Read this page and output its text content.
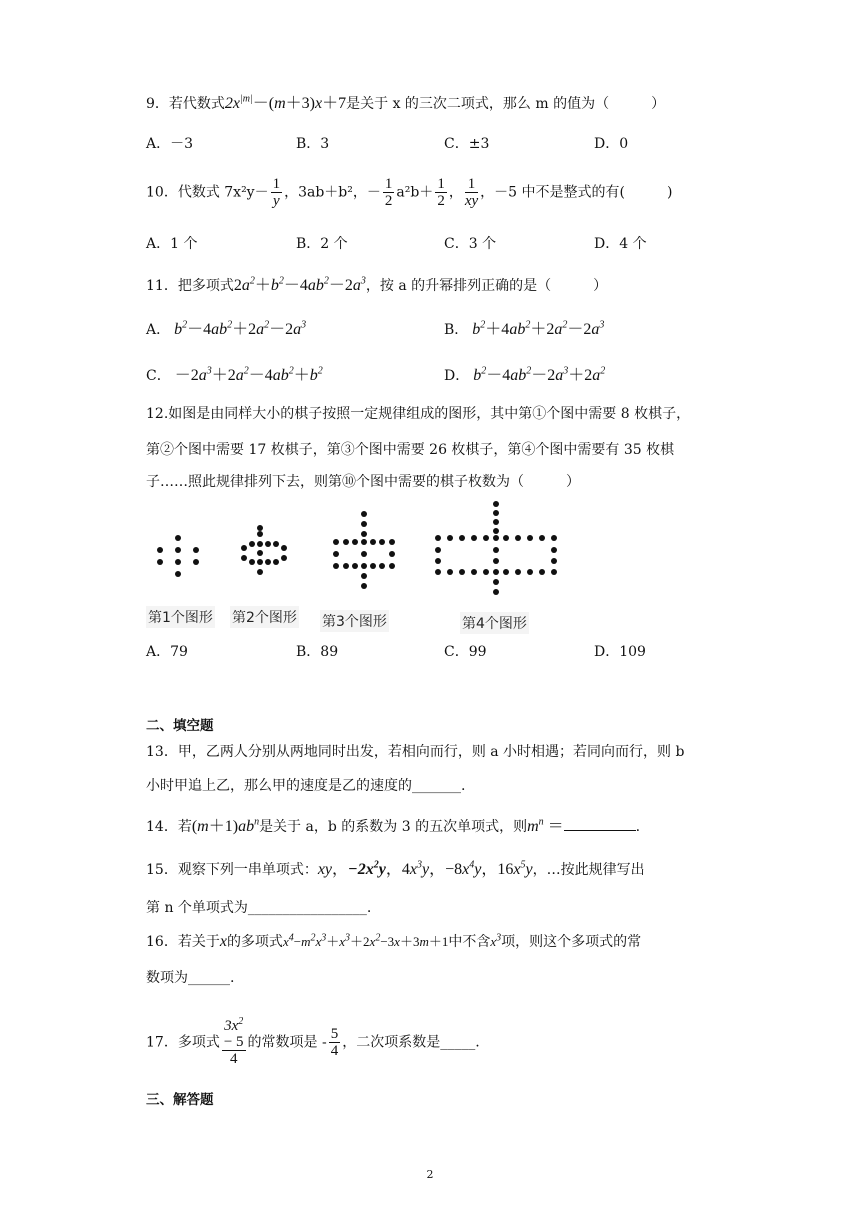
9．若代数式$2x^{|m|}-(m+3)x+7$是关于 x 的三次二项式，那么 m 的值为（　　　）
A．－3	B．3	C．±3	D．0
10．代数式 $7x^2y- \frac{1}{y}$ ，3ab＋b²，－ $\frac{1}{2} a^2b+ \frac{1}{2}$ ， $\frac{1}{xy}$ ，－5 中不是整式的有(　　　)
A．1 个	B．2 个	C．3 个	D．4 个
11．把多项式$2a^2+b^2-4ab^2-2a^3$，按 a 的升幂排列正确的是（　　　）
A． $b^2-4ab^2+2a^2-2a^3$	B． $b^2+4ab^2+2a^2-2a^3$
C． $-2a^3+2a^2-4ab^2+b^2$	D． $b^2-4ab^2-2a^3+2a^2$
12.如图是由同样大小的棋子按照一定规律组成的图形，其中第①个图中需要 8 枚棋子，
第②个图中需要 17 枚棋子，第③个图中需要 26 枚棋子，第④个图中需要有 35 枚棋
子……照此规律排列下去，则第⑩个图中需要的棋子枚数为（　　　）
第1个图形 第2个图形 第3个图形	第4个图形
A．79	B．89	C．99	D．109
二、填空题
13．甲，乙两人分别从两地同时出发，若相向而行，则 a 小时相遇；若同向而行，则 b
小时甲追上乙，那么甲的速度是乙的速度的_______.
14．若$(m+1)ab^n$是关于 a，b 的系数为 3 的五次单项式，则$m^n$ ＝	.
15．观察下列一串单项式：xy，$-2x^2y$，$4x^3y$，$-8x^4y$，$16x^5y$，…按此规律写出
第 n 个单项式为_________________.
16．若关于x的多项式$x^4-m^2x^3+x^3+2x^2-3x+3m+1$中不含$x^3$项，则这个多项式的常
数项为______.
17．多项式 $3x^2$
− 5
4 的常数项是 - $\frac{5}{4}$ ，二次项系数是_____.
三、解答题
2
